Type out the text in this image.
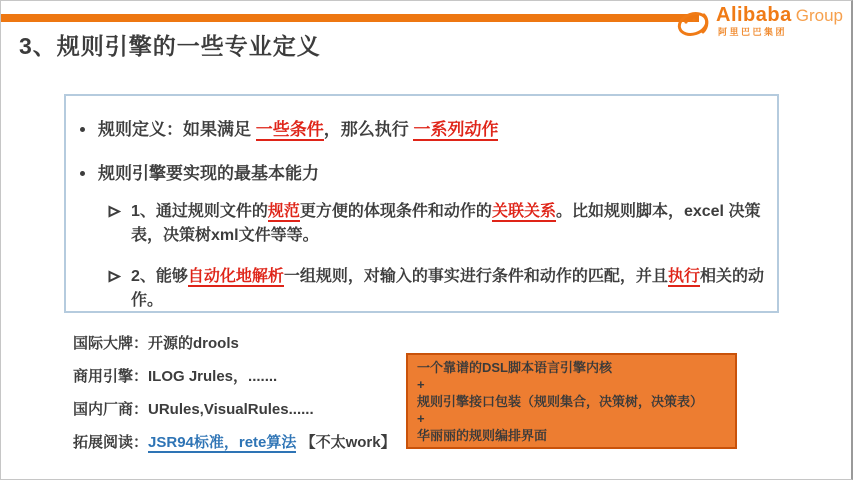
Alibaba Group
阿里巴巴集团
3、规则引擎的一些专业定义
规则定义：如果满足 一些条件，那么执行 一系列动作
规则引擎要实现的最基本能力
1、通过规则文件的规范更方便的体现条件和动作的关联关系。比如规则脚本，excel 决策表，决策树xml文件等等。
2、能够自动化地解析一组规则，对输入的事实进行条件和动作的匹配，并且执行相关的动作。
国际大牌：开源的drools
商用引擎：ILOG Jrules，.......
国内厂商：URules,VisualRules......
拓展阅读：JSR94标准，rete算法 【不太work】
一个靠谱的DSL脚本语言引擎内核
+
规则引擎接口包装（规则集合，决策树，决策表）
+
华丽丽的规则编排界面
